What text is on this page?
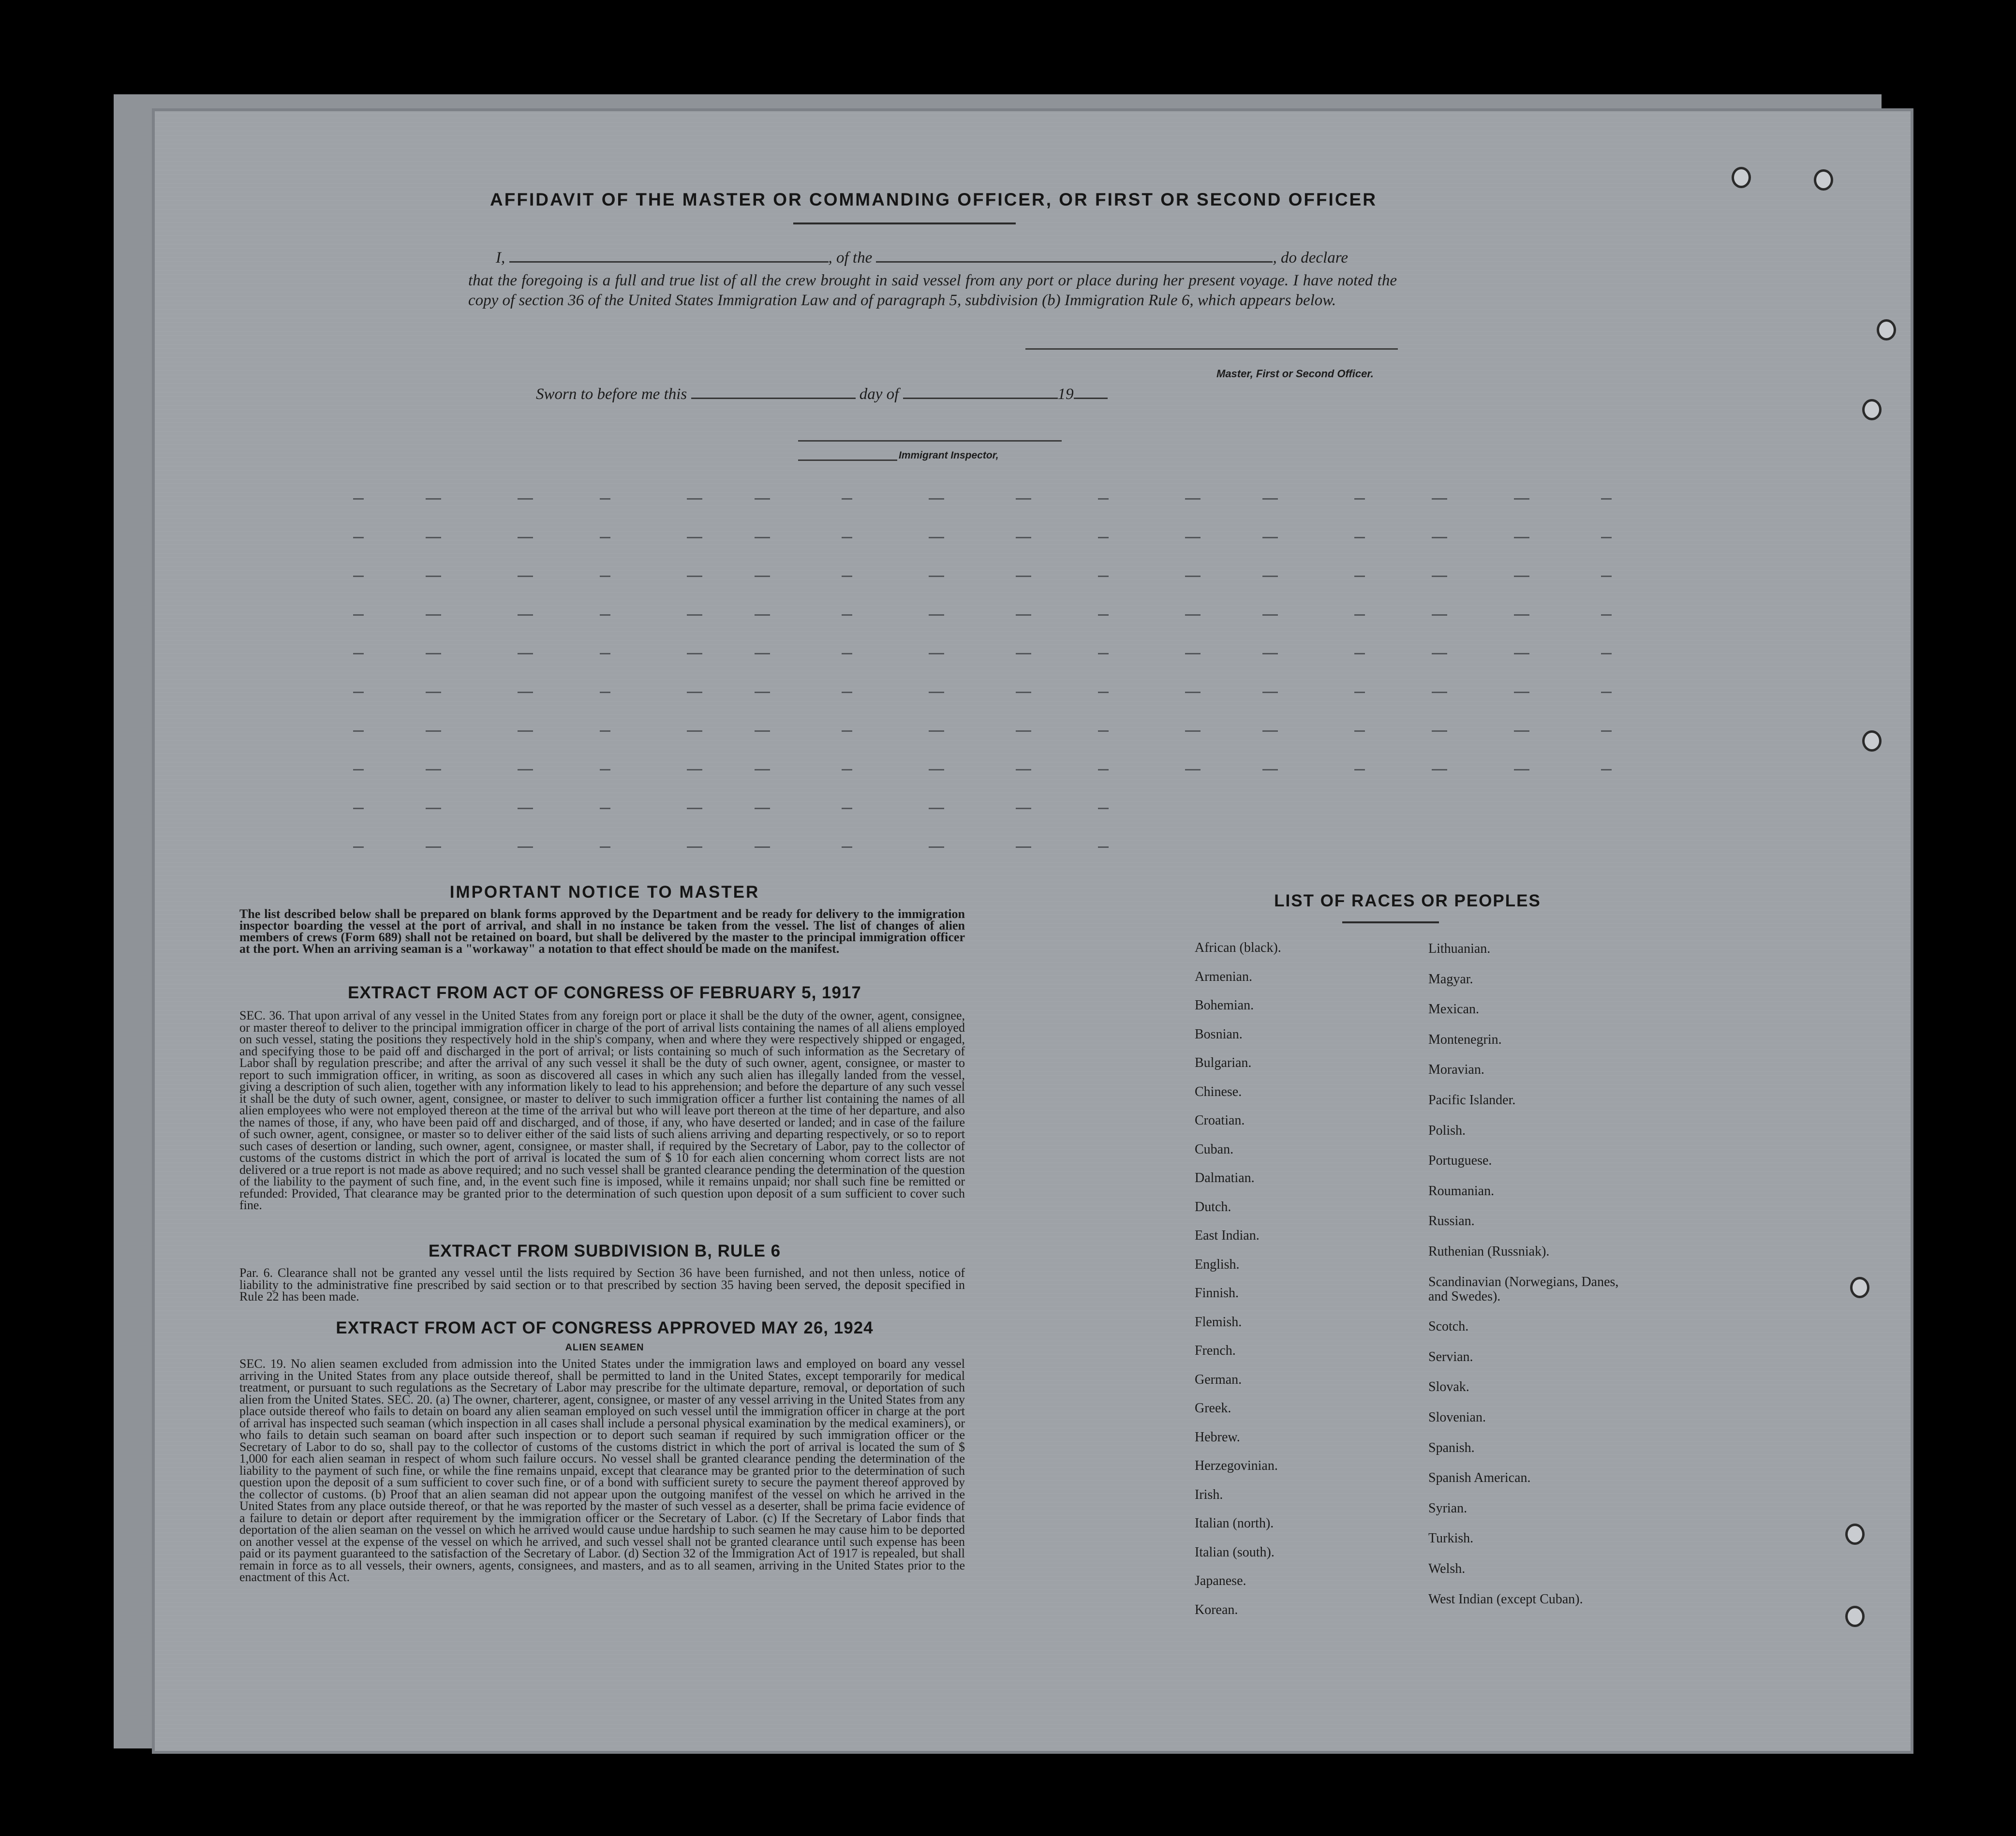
AFFIDAVIT OF THE MASTER OR COMMANDING OFFICER, OR FIRST OR SECOND OFFICER
I,	, of the	, do declare
that the foregoing is a full and true list of all the crew brought in said vessel from any port or place during her present voyage. I have noted the copy of section 36 of the United States Immigration Law and of paragraph 5, subdivision (b) Immigration Rule 6, which appears below.
Master, First or Second Officer.
Sworn to before me this	day of	19
Immigrant Inspector,
IMPORTANT NOTICE TO MASTER
The list described below shall be prepared on blank forms approved by the Department and be ready for delivery to the immigration inspector boarding the vessel at the port of arrival, and shall in no instance be taken from the vessel. The list of changes of alien members of crews (Form 689) shall not be retained on board, but shall be delivered by the master to the principal immigration officer at the port. When an arriving seaman is a "workaway" a notation to that effect should be made on the manifest.
EXTRACT FROM ACT OF CONGRESS OF FEBRUARY 5, 1917
SEC. 36. That upon arrival of any vessel in the United States from any foreign port or place it shall be the duty of the owner, agent, consignee, or master thereof to deliver to the principal immigration officer in charge of the port of arrival lists containing the names of all aliens employed on such vessel, stating the positions they respectively hold in the ship's company, when and where they were respectively shipped or engaged, and specifying those to be paid off and discharged in the port of arrival; or lists containing so much of such information as the Secretary of Labor shall by regulation prescribe; and after the arrival of any such vessel it shall be the duty of such owner, agent, consignee, or master to report to such immigration officer, in writing, as soon as discovered all cases in which any such alien has illegally landed from the vessel, giving a description of such alien, together with any information likely to lead to his apprehension; and before the departure of any such vessel it shall be the duty of such owner, agent, consignee, or master to deliver to such immigration officer a further list containing the names of all alien employees who were not employed thereon at the time of the arrival but who will leave port thereon at the time of her departure, and also the names of those, if any, who have been paid off and discharged, and of those, if any, who have deserted or landed; and in case of the failure of such owner, agent, consignee, or master so to deliver either of the said lists of such aliens arriving and departing respectively, or so to report such cases of desertion or landing, such owner, agent, consignee, or master shall, if required by the Secretary of Labor, pay to the collector of customs of the customs district in which the port of arrival is located the sum of $ 10 for each alien concerning whom correct lists are not delivered or a true report is not made as above required; and no such vessel shall be granted clearance pending the determination of the question of the liability to the payment of such fine, and, in the event such fine is imposed, while it remains unpaid; nor shall such fine be remitted or refunded: Provided, That clearance may be granted prior to the determination of such question upon deposit of a sum sufficient to cover such fine.
EXTRACT FROM SUBDIVISION B, RULE 6
Par. 6. Clearance shall not be granted any vessel until the lists required by Section 36 have been furnished, and not then unless, notice of liability to the administrative fine prescribed by said section or to that prescribed by section 35 having been served, the deposit specified in Rule 22 has been made.
EXTRACT FROM ACT OF CONGRESS APPROVED MAY 26, 1924
ALIEN SEAMEN
SEC. 19. No alien seamen excluded from admission into the United States under the immigration laws and employed on board any vessel arriving in the United States from any place outside thereof, shall be permitted to land in the United States, except temporarily for medical treatment, or pursuant to such regulations as the Secretary of Labor may prescribe for the ultimate departure, removal, or deportation of such alien from the United States. SEC. 20. (a) The owner, charterer, agent, consignee, or master of any vessel arriving in the United States from any place outside thereof who fails to detain on board any alien seaman employed on such vessel until the immigration officer in charge at the port of arrival has inspected such seaman (which inspection in all cases shall include a personal physical examination by the medical examiners), or who fails to detain such seaman on board after such inspection or to deport such seaman if required by such immigration officer or the Secretary of Labor to do so, shall pay to the collector of customs of the customs district in which the port of arrival is located the sum of $ 1,000 for each alien seaman in respect of whom such failure occurs. No vessel shall be granted clearance pending the determination of the liability to the payment of such fine, or while the fine remains unpaid, except that clearance may be granted prior to the determination of such question upon the deposit of a sum sufficient to cover such fine, or of a bond with sufficient surety to secure the payment thereof approved by the collector of customs. (b) Proof that an alien seaman did not appear upon the outgoing manifest of the vessel on which he arrived in the United States from any place outside thereof, or that he was reported by the master of such vessel as a deserter, shall be prima facie evidence of a failure to detain or deport after requirement by the immigration officer or the Secretary of Labor. (c) If the Secretary of Labor finds that deportation of the alien seaman on the vessel on which he arrived would cause undue hardship to such seamen he may cause him to be deported on another vessel at the expense of the vessel on which he arrived, and such vessel shall not be granted clearance until such expense has been paid or its payment guaranteed to the satisfaction of the Secretary of Labor. (d) Section 32 of the Immigration Act of 1917 is repealed, but shall remain in force as to all vessels, their owners, agents, consignees, and masters, and as to all seamen, arriving in the United States prior to the enactment of this Act.
LIST OF RACES OR PEOPLES
African (black).
Armenian.
Bohemian.
Bosnian.
Bulgarian.
Chinese.
Croatian.
Cuban.
Dalmatian.
Dutch.
East Indian.
English.
Finnish.
Flemish.
French.
German.
Greek.
Hebrew.
Herzegovinian.
Irish.
Italian (north).
Italian (south).
Japanese.
Korean.
Lithuanian.
Magyar.
Mexican.
Montenegrin.
Moravian.
Pacific Islander.
Polish.
Portuguese.
Roumanian.
Russian.
Ruthenian (Russniak).
Scandinavian (Norwegians, Danes, and Swedes).
Scotch.
Servian.
Slovak.
Slovenian.
Spanish.
Spanish American.
Syrian.
Turkish.
Welsh.
West Indian (except Cuban).
